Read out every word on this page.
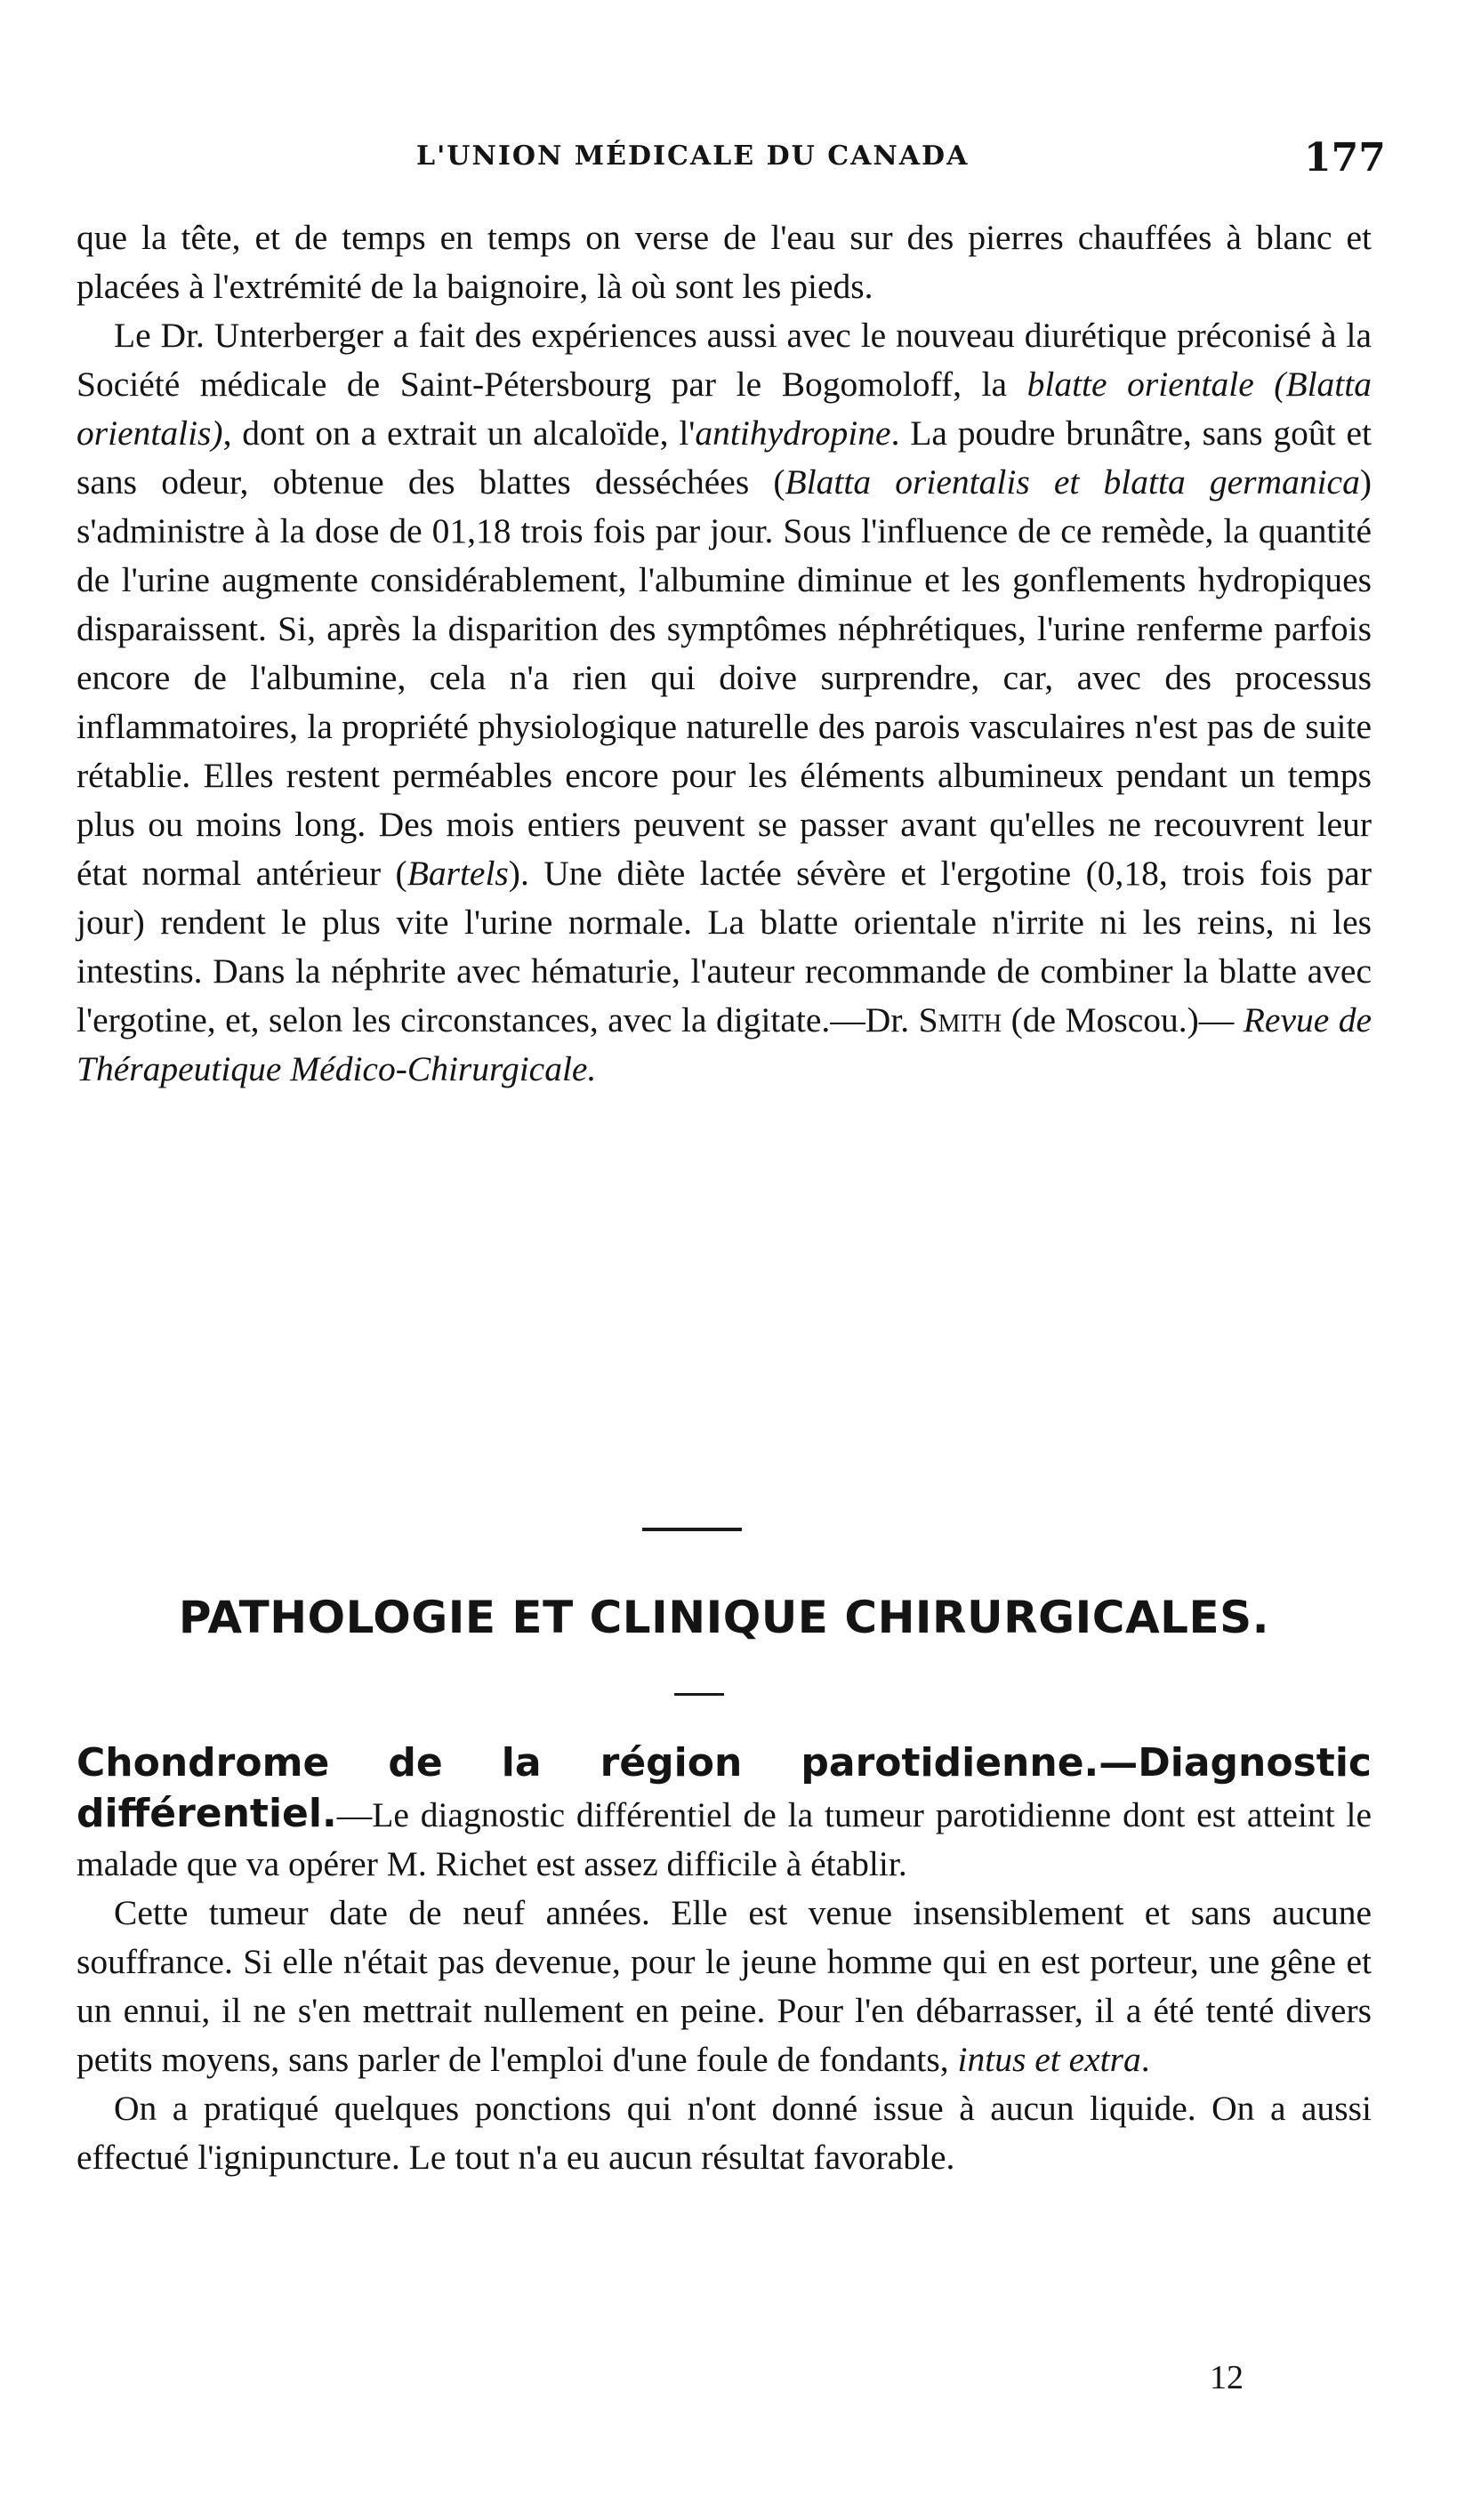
L'UNION MÉDICALE DU CANADA	177

que la tête, et de temps en temps on verse de l'eau sur des pierres chauffées à blanc et placées à l'extrémité de la baignoire, là où sont les pieds.

Le Dr. Unterberger a fait des expériences aussi avec le nouveau diurétique préconisé à la Société médicale de Saint-Pétersbourg par le Bogomoloff, la blatte orientale (Blatta orientalis), dont on a extrait un alcaloïde, l'antihydropine. La poudre brunâtre, sans goût et sans odeur, obtenue des blattes desséchées (Blatta orientalis et blatta germanica) s'administre à la dose de 01,18 trois fois par jour. Sous l'influence de ce remède, la quantité de l'urine augmente considérablement, l'albumine diminue et les gonflements hydropiques disparaissent. Si, après la disparition des symptômes néphrétiques, l'urine renferme parfois encore de l'albumine, cela n'a rien qui doive surprendre, car, avec des processus inflammatoires, la propriété physiologique naturelle des parois vasculaires n'est pas de suite rétablie. Elles restent perméables encore pour les éléments albumineux pendant un temps plus ou moins long. Des mois entiers peuvent se passer avant qu'elles ne recouvrent leur état normal antérieur (Bartels). Une diète lactée sévère et l'ergotine (0,18, trois fois par jour) rendent le plus vite l'urine normale. La blatte orientale n'irrite ni les reins, ni les intestins. Dans la néphrite avec hématurie, l'auteur recommande de combiner la blatte avec l'ergotine, et, selon les circonstances, avec la digitate.—Dr. Smith (de Moscou.)— Revue de Thérapeutique Médico-Chirurgicale.

PATHOLOGIE ET CLINIQUE CHIRURGICALES.

Chondrome de la région parotidienne.—Diagnostic différentiel.—Le diagnostic différentiel de la tumeur parotidienne dont est atteint le malade que va opérer M. Richet est assez difficile à établir.

Cette tumeur date de neuf années. Elle est venue insensiblement et sans aucune souffrance. Si elle n'était pas devenue, pour le jeune homme qui en est porteur, une gêne et un ennui, il ne s'en mettrait nullement en peine. Pour l'en débarrasser, il a été tenté divers petits moyens, sans parler de l'emploi d'une foule de fondants, intus et extra.

On a pratiqué quelques ponctions qui n'ont donné issue à aucun liquide. On a aussi effectué l'ignipuncture. Le tout n'a eu aucun résultat favorable.

12
